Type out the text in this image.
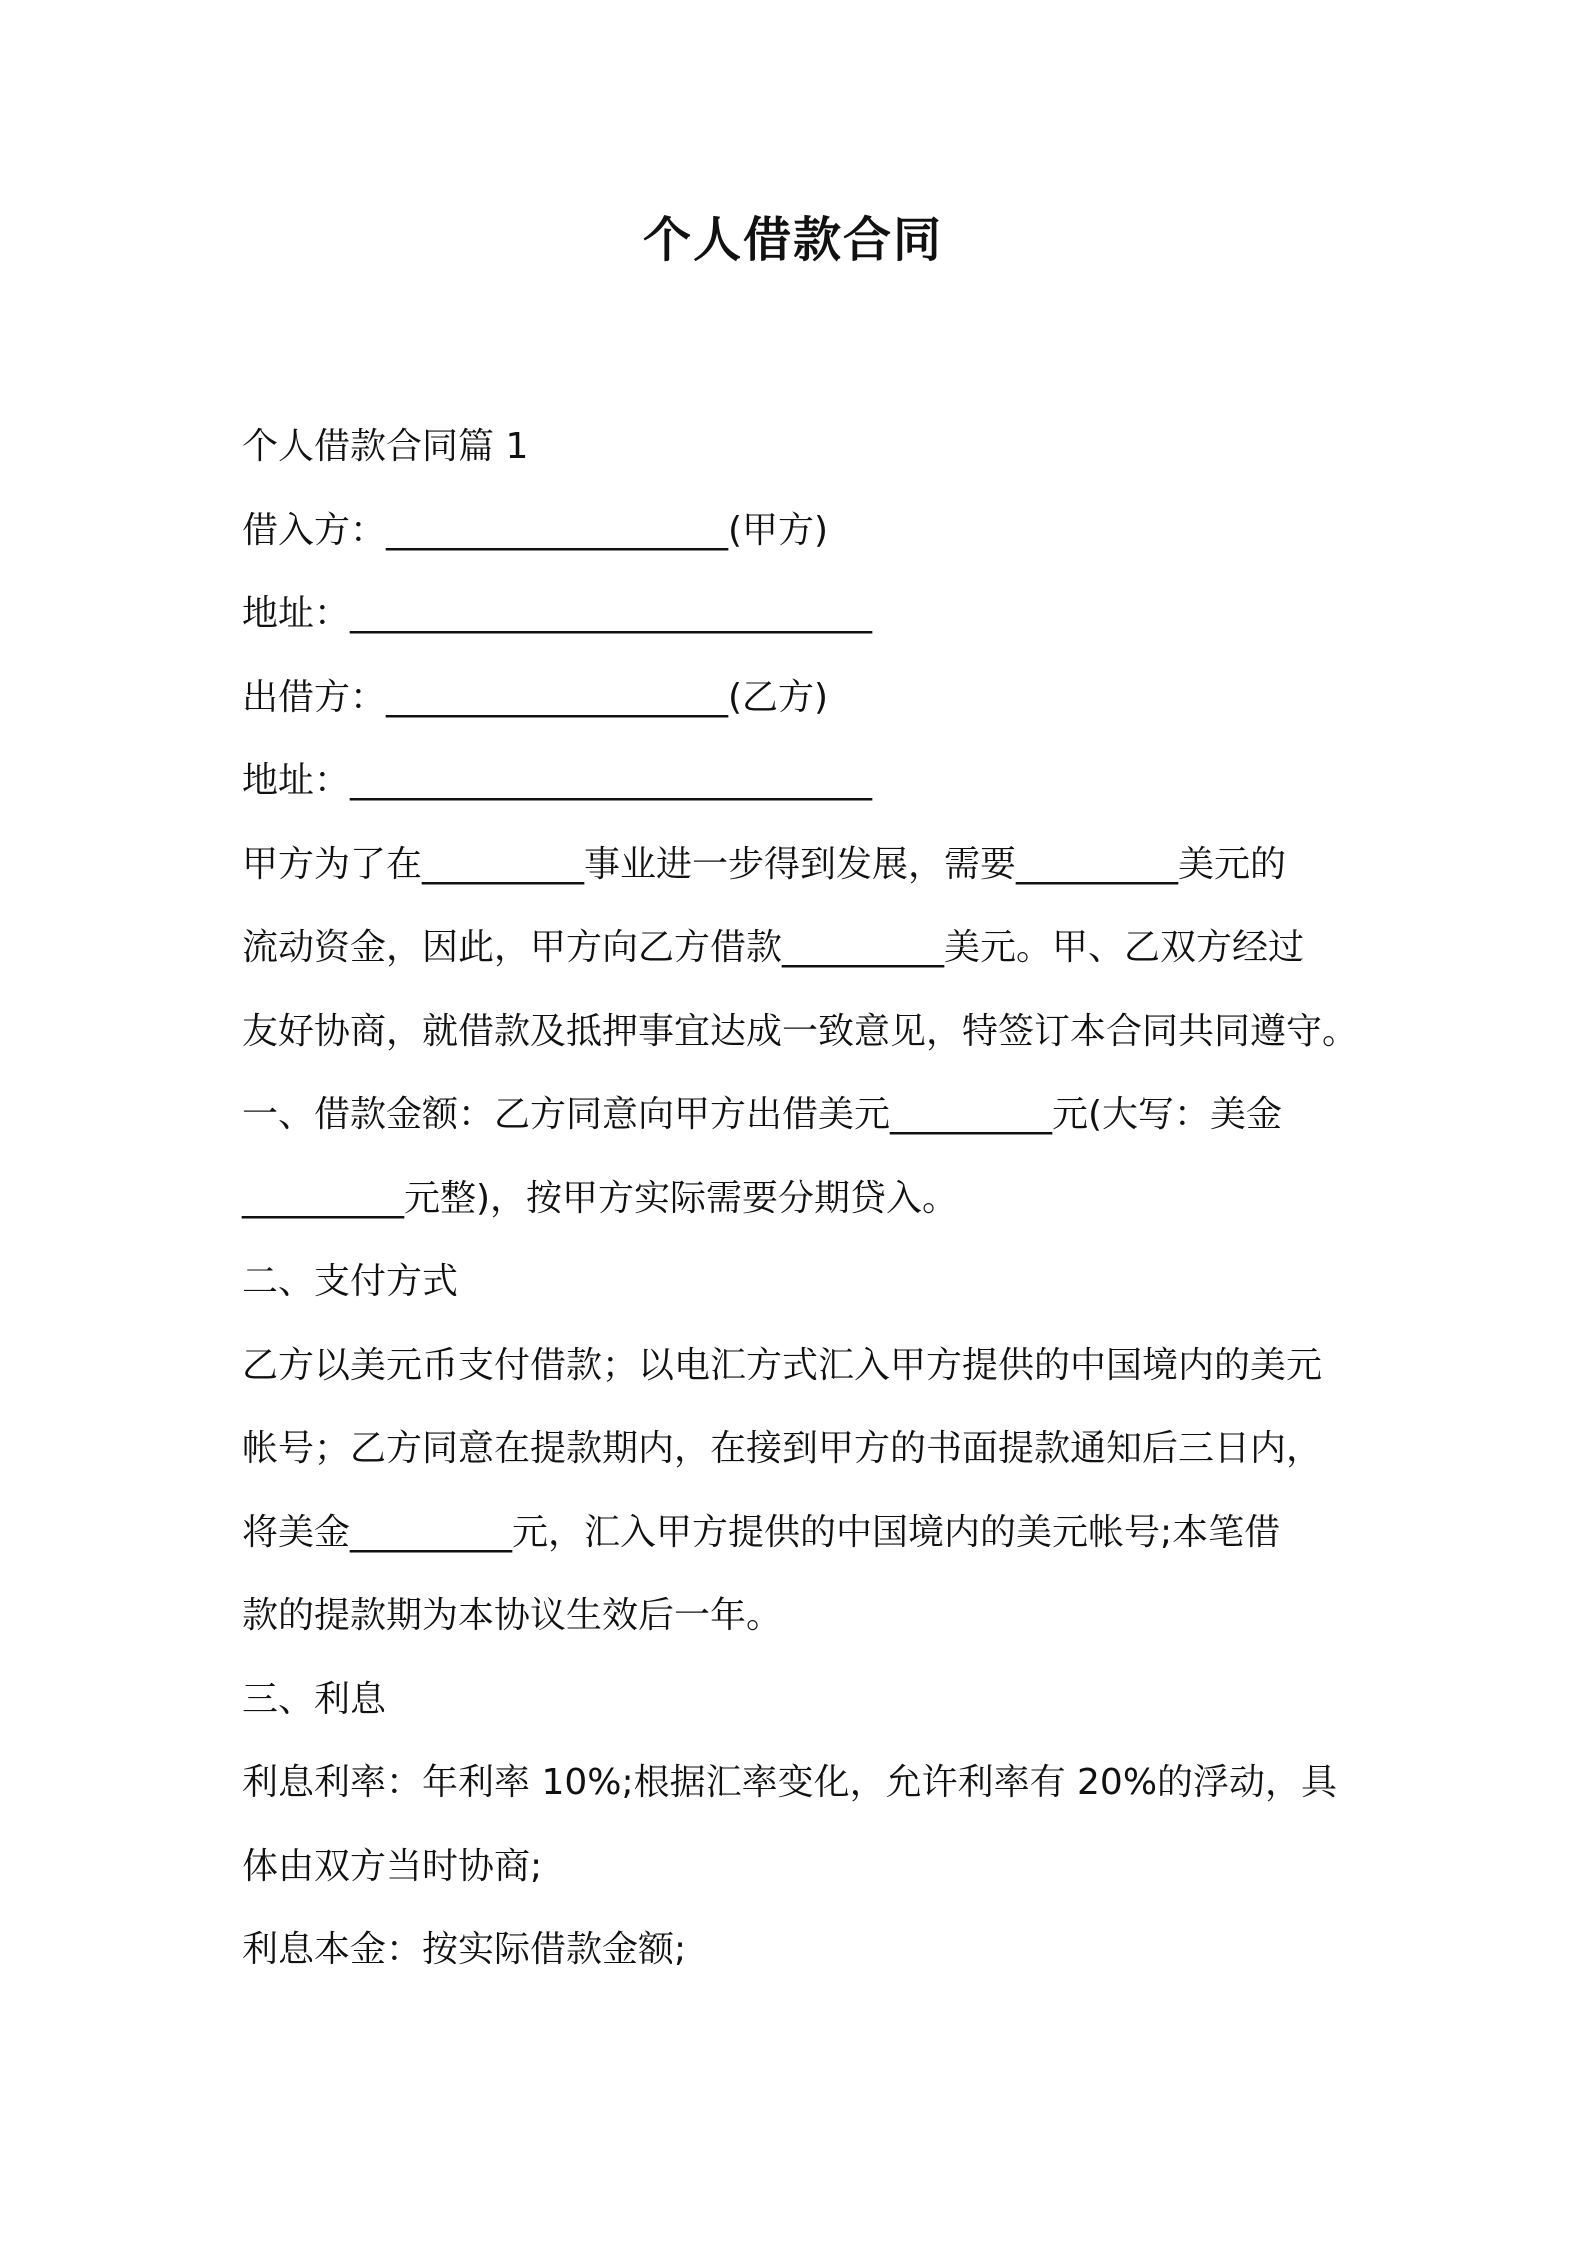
个人借款合同
个人借款合同篇 1
借入方：___________________(甲方)
地址：_____________________________
出借方：___________________(乙方)
地址：_____________________________
甲方为了在_________事业进一步得到发展，需要_________美元的
流动资金，因此，甲方向乙方借款_________美元。甲、乙双方经过
友好协商，就借款及抵押事宜达成一致意见，特签订本合同共同遵守。
一、借款金额：乙方同意向甲方出借美元_________元(大写：美金
_________元整)，按甲方实际需要分期贷入。
二、支付方式
乙方以美元币支付借款；以电汇方式汇入甲方提供的中国境内的美元
帐号；乙方同意在提款期内，在接到甲方的书面提款通知后三日内，
将美金_________元，汇入甲方提供的中国境内的美元帐号;本笔借
款的提款期为本协议生效后一年。
三、利息
利息利率：年利率 10%;根据汇率变化，允许利率有 20%的浮动，具
体由双方当时协商;
利息本金：按实际借款金额;
